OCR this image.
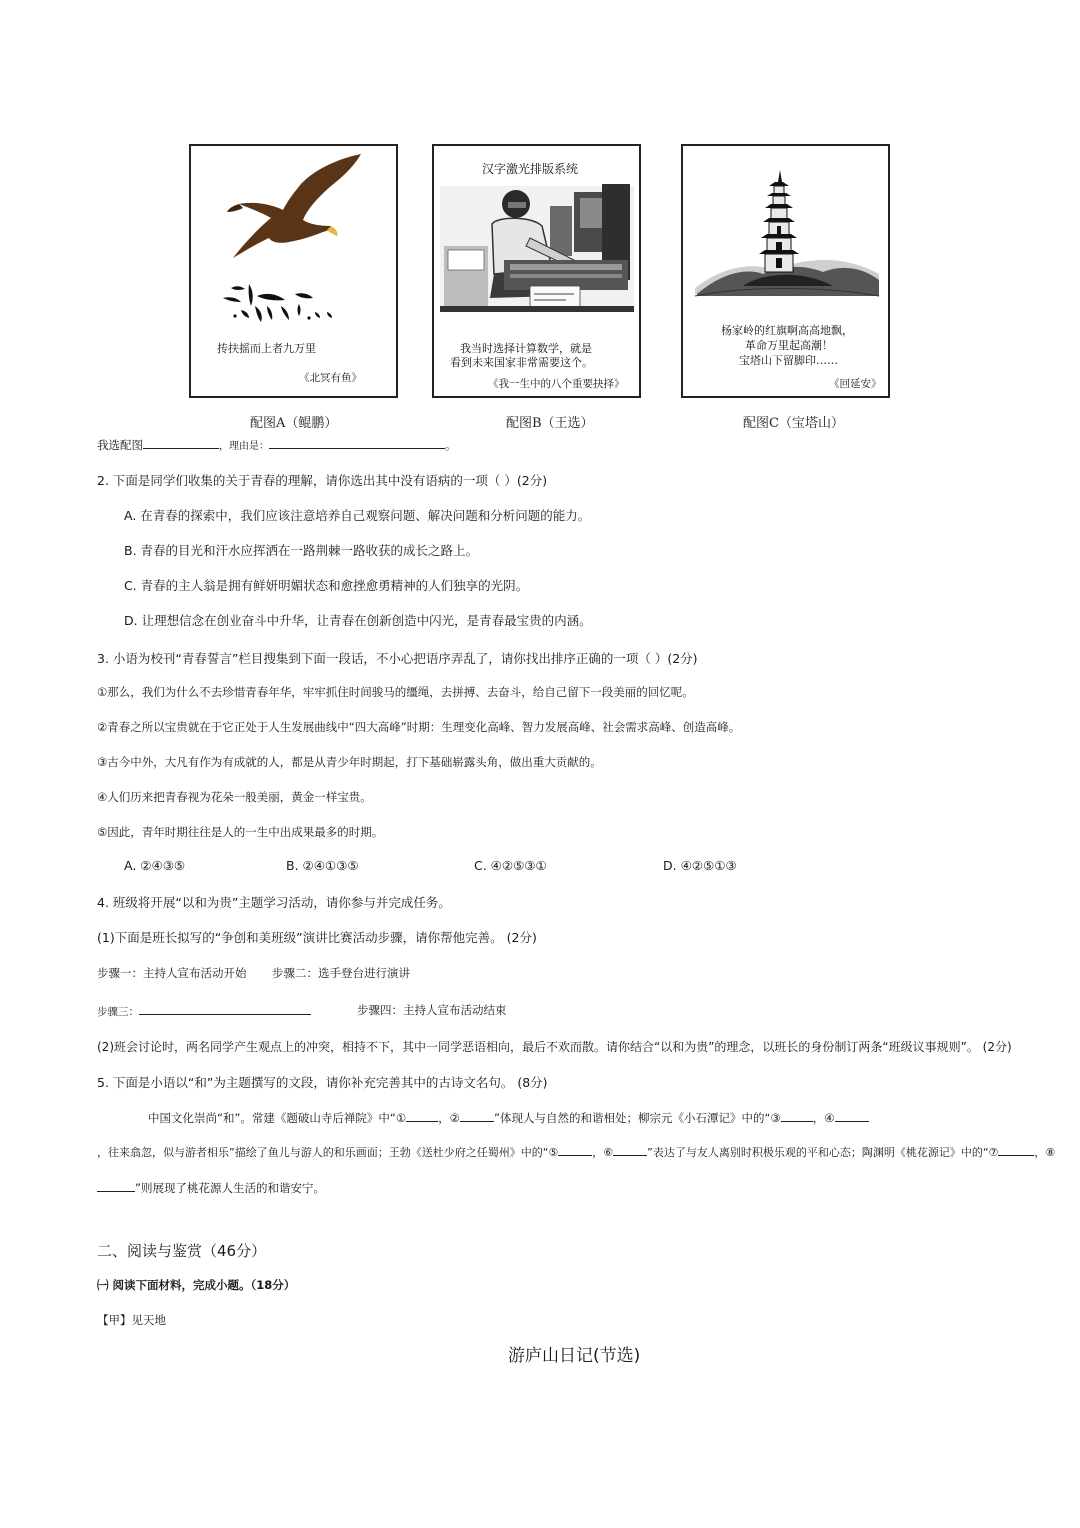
抟扶摇而上者九万里
《北冥有鱼》
配图A（鲲鹏）
汉字激光排版系统
我当时选择计算数学，就是
看到未来国家非常需要这个。
《我一生中的八个重要抉择》
配图B（王选）
杨家岭的红旗啊高高地飘，
革命万里起高潮！
宝塔山下留脚印……
《回延安》
配图C（宝塔山）
我选配图	，理由是：	。
2. 下面是同学们收集的关于青春的理解，请你选出其中没有语病的一项（ ）(2分)
A. 在青春的探索中，我们应该注意培养自己观察问题、解决问题和分析问题的能力。
B. 青春的目光和汗水应挥洒在一路荆棘一路收获的成长之路上。
C. 青春的主人翁是拥有鲜妍明媚状态和愈挫愈勇精神的人们独享的光阴。
D. 让理想信念在创业奋斗中升华，让青春在创新创造中闪光，是青春最宝贵的内涵。
3. 小语为校刊“青春誓言”栏目搜集到下面一段话，不小心把语序弄乱了，请你找出排序正确的一项（ ）(2分)
①那么，我们为什么不去珍惜青春年华，牢牢抓住时间骏马的缰绳，去拼搏、去奋斗，给自己留下一段美丽的回忆呢。
②青春之所以宝贵就在于它正处于人生发展曲线中“四大高峰”时期：生理变化高峰、智力发展高峰、社会需求高峰、创造高峰。
③古今中外，大凡有作为有成就的人，都是从青少年时期起，打下基础崭露头角，做出重大贡献的。
④人们历来把青春视为花朵一般美丽，黄金一样宝贵。
⑤因此，青年时期往往是人的一生中出成果最多的时期。
A. ②④③⑤	B. ②④①③⑤	C. ④②⑤③①	D. ④②⑤①③
4. 班级将开展“以和为贵”主题学习活动，请你参与并完成任务。
(1)下面是班长拟写的“争创和美班级”演讲比赛活动步骤，请你帮他完善。 (2分)
步骤一：主持人宣布活动开始 步骤二：选手登台进行演讲
步骤三：	步骤四：主持人宣布活动结束
(2)班会讨论时，两名同学产生观点上的冲突，相持不下，其中一同学恶语相向，最后不欢而散。请你结合“以和为贵”的理念，以班长的身份制订两条“班级议事规则”。 (2分)
5. 下面是小语以“和”为主题撰写的文段，请你补充完善其中的古诗文名句。 (8分)
中国文化崇尚“和”。常建《题破山寺后禅院》中“①	，②	”体现人与自然的和谐相处；柳宗元《小石潭记》中的“③	，④
，往来翕忽，似与游者相乐”描绘了鱼儿与游人的和乐画面；王勃《送杜少府之任蜀州》中的“⑤	，⑥	”表达了与友人离别时积极乐观的平和心态；陶渊明《桃花源记》中的“⑦	，⑧
”则展现了桃花源人生活的和谐安宁。
二、阅读与鉴赏（46分）
㈠ 阅读下面材料，完成小题。（18分）
【甲】见天地
游庐山日记(节选)
